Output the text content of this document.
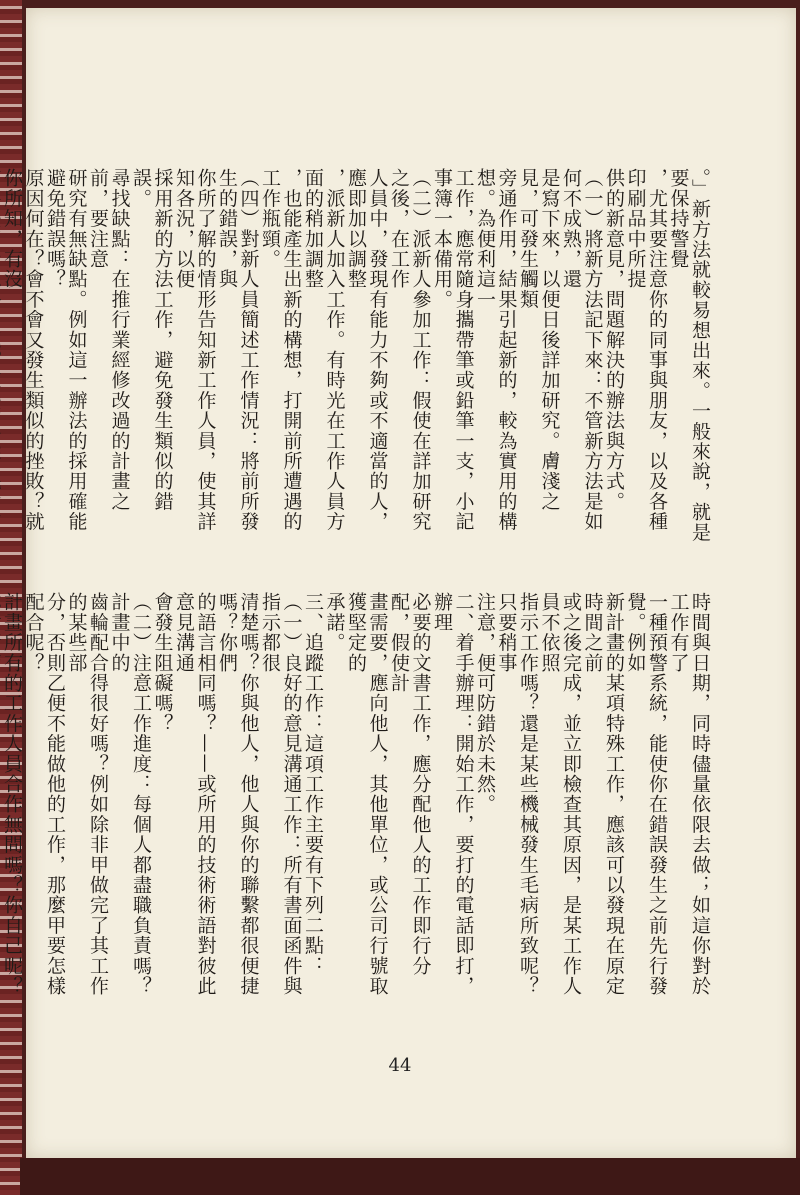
。」新方法就較易想出來。一般來說，就是要保持警覺
，尤其要注意你的同事與朋友，以及各種印刷品中所提
供的新意見，問題解決的辦法與方式。
（一）將新方法記下來：不管新方法是如何不成熟，還
是寫下來，以便日後詳加研究。膚淺之見，可發生觸類
旁通作用，結果引起新的，較為實用的構想。為便利這一
工作，應常隨身攜帶筆或鉛筆一支，小記事簿一本備用。
（二）派新人參加工作：假使在詳加研究之後，在工作
人員中，發現有能力不夠或不適當的人，應即加以調整
，派新人加入工作。有時光在工作人員方面的稍加調整
，也能產生出新的構想，打開前所遭遇的工作瓶頸。
（四）對新人員簡述工作情況：將前所發生的錯誤，與
你所了解的情形告知新工作人員，使其詳知各況，以便
採用新的方法工作，避免發生類似的錯誤。
尋找缺點：在推行業經修改過的計畫之前，要注意
研究有無缺點。例如這一辦法的採用確能避免錯誤嗎？
原因何在？會不會又發生類似的挫敗？就你所知，有沒
時間與日期，同時儘量依限去做；如這你對於工作有了
一種預警系統，能使你在錯誤發生之前先行發覺。例如
新計畫的某項特殊工作，應該可以發現在原定時間之前
或之後完成，並立即檢查其原因，是某工作人員不依照
指示工作嗎？還是某些機械發生毛病所致呢？只要稍事
注意，便可防錯於未然。
二、着手辦理：開始工作，要打的電話即打，辦理
必要的文書工作，應分配他人的工作即行分配，假使計
畫需要，應向他人，其他單位，或公司行號取獲堅定的
承諾。
三、追蹤工作：這項工作主要有下列二點：
（一）良好的意見溝通工作：所有書面函件與指示都很
清楚嗎？你與他人，他人與你的聯繫都很便捷嗎？你們
的語言相同嗎？——或所用的技術術語對彼此意見溝通
會發生阻礙嗎？
（二）注意工作進度：每個人都盡職負責嗎？計畫中的
齒輪配合得很好嗎？例如除非甲做完了其工作的某些部
分，否則乙便不能做他的工作，那麼甲要怎樣配合呢？
計畫所有的工作人員合作無間嗎？你自己呢？
44
